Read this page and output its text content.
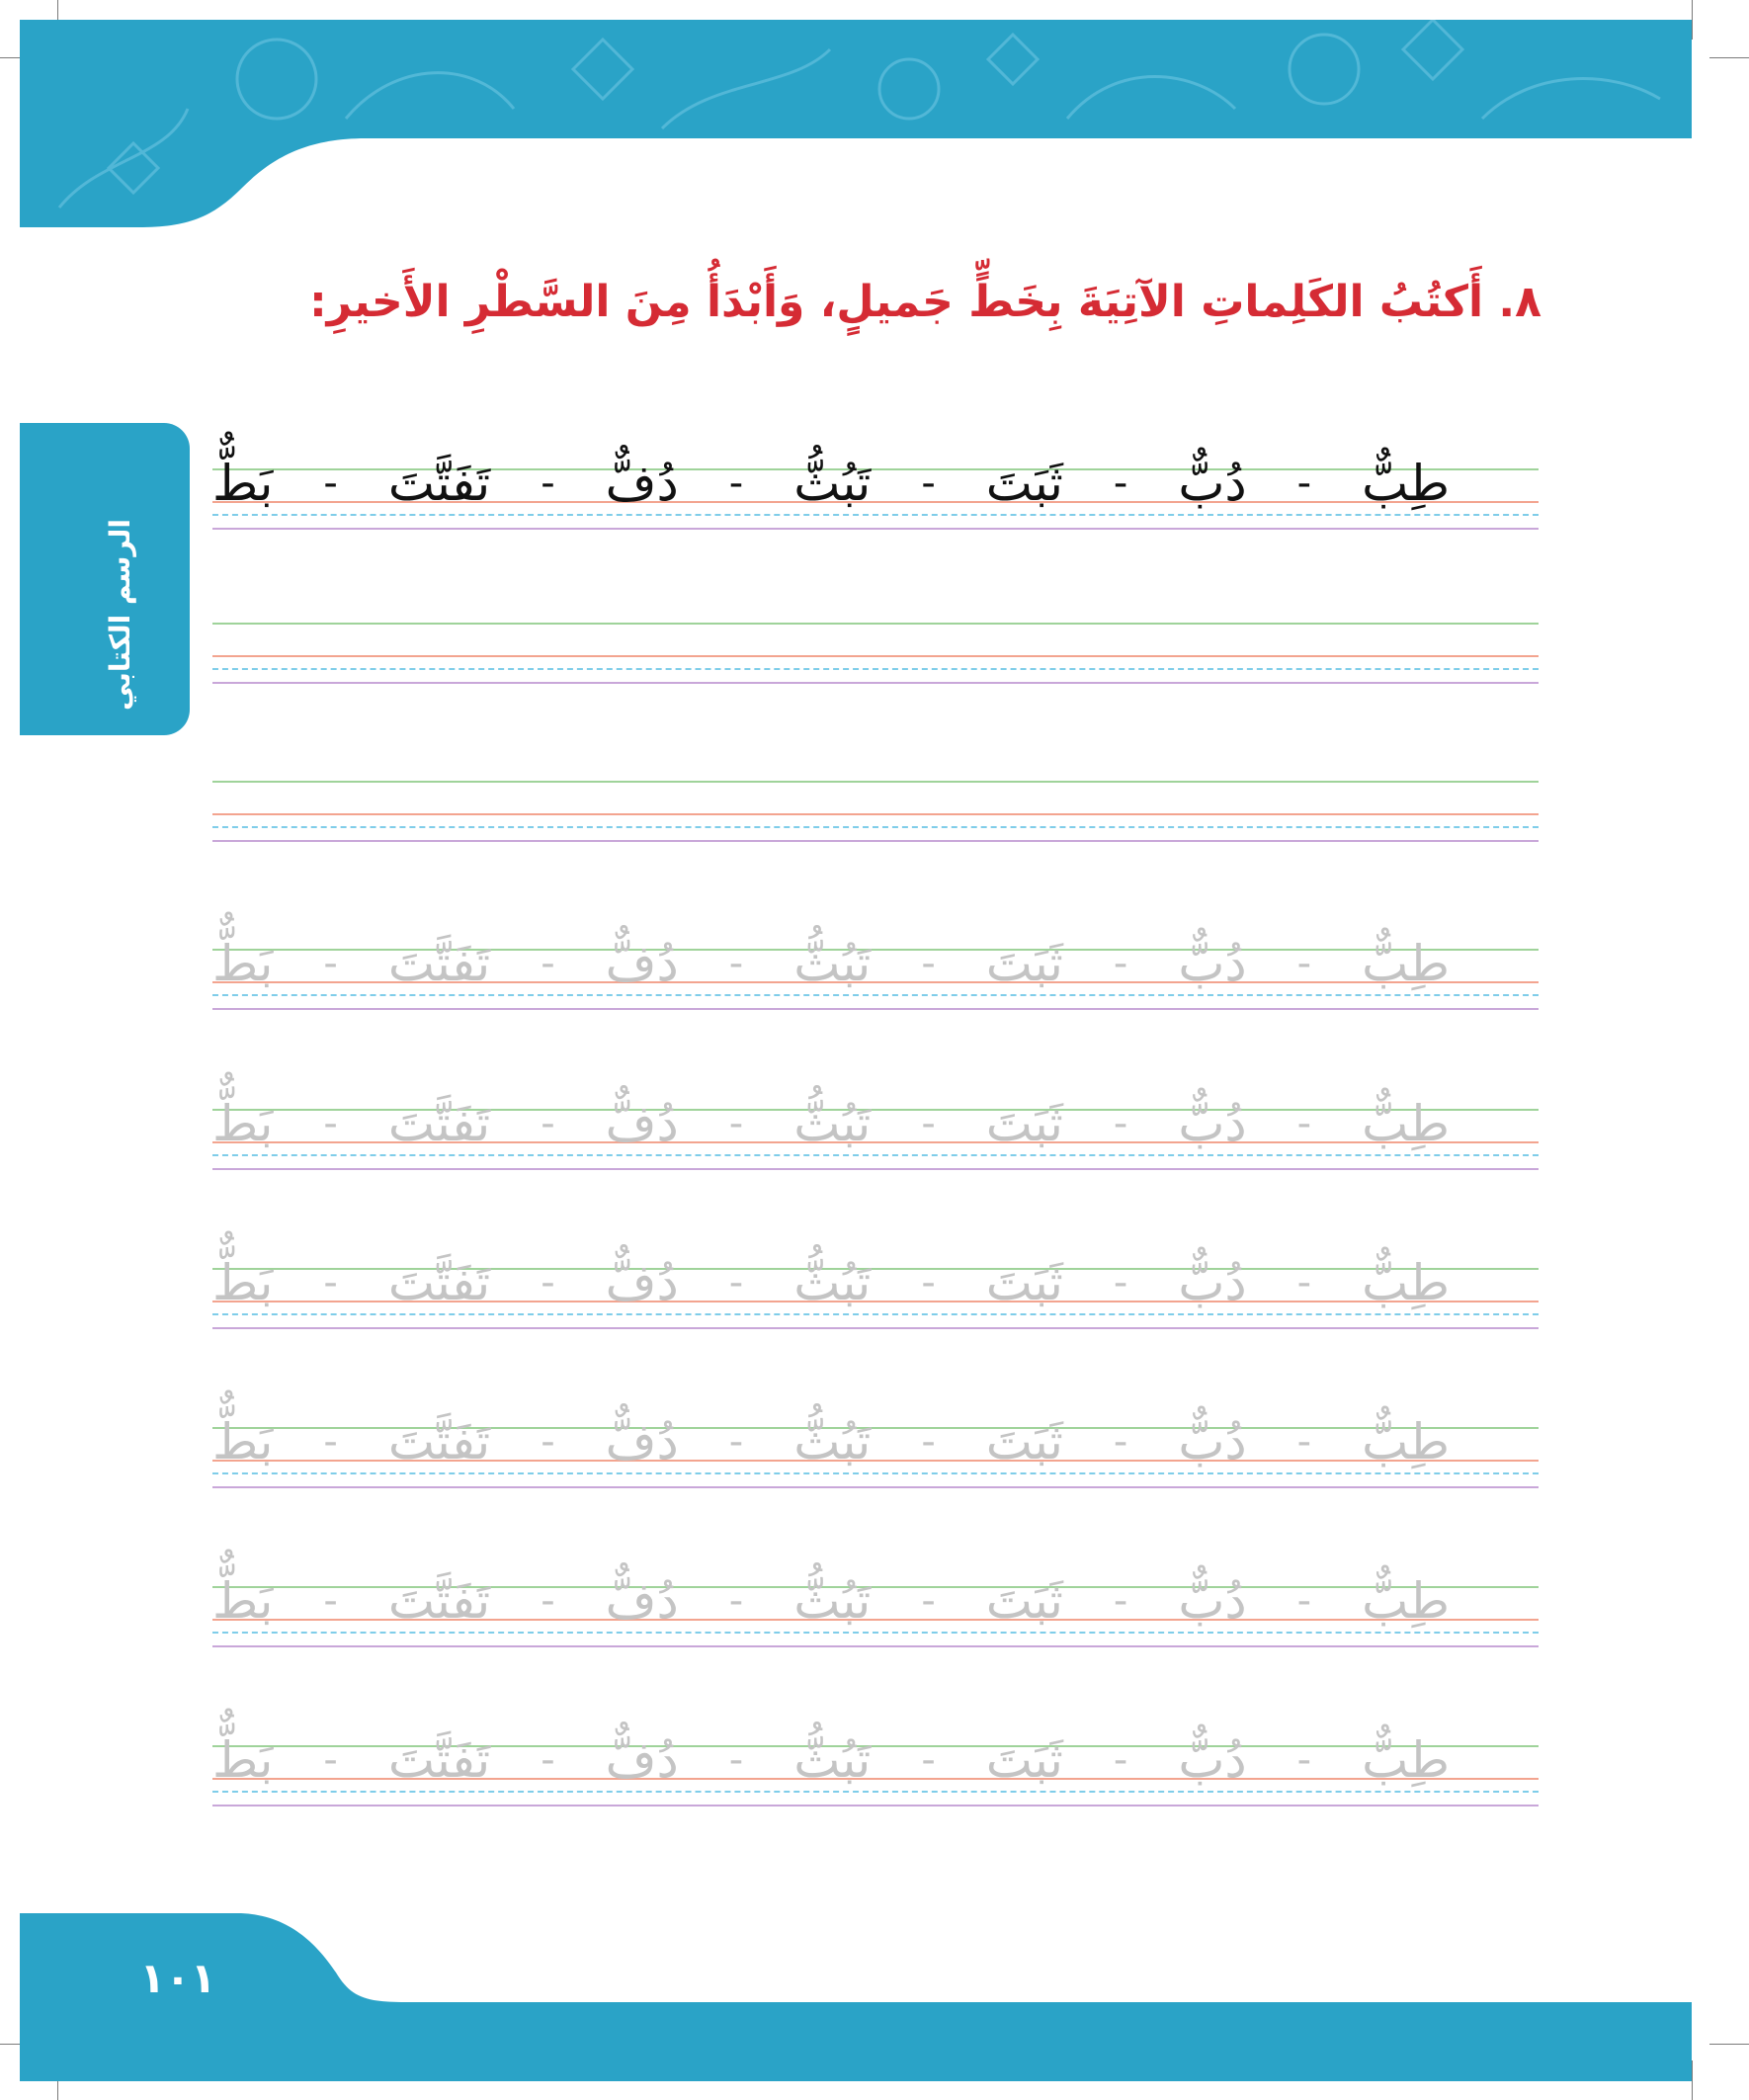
٨. أَكتُبُ الكَلِماتِ الآتِيَةَ بِخَطٍّ جَميلٍ، وَأَبْدَأُ مِنَ السَّطْرِ الأَخيرِ:
الرسم الكتابي
طِبٌّ
-
دُبٌّ
-
ثَبَتَ
-
تَبُثُّ
-
دُفٌّ
-
تَفَتَّتَ
-
بَطٌّ
طِبٌّ
-
دُبٌّ
-
ثَبَتَ
-
تَبُثُّ
-
دُفٌّ
-
تَفَتَّتَ
-
بَطٌّ
طِبٌّ
-
دُبٌّ
-
ثَبَتَ
-
تَبُثُّ
-
دُفٌّ
-
تَفَتَّتَ
-
بَطٌّ
طِبٌّ
-
دُبٌّ
-
ثَبَتَ
-
تَبُثُّ
-
دُفٌّ
-
تَفَتَّتَ
-
بَطٌّ
طِبٌّ
-
دُبٌّ
-
ثَبَتَ
-
تَبُثُّ
-
دُفٌّ
-
تَفَتَّتَ
-
بَطٌّ
طِبٌّ
-
دُبٌّ
-
ثَبَتَ
-
تَبُثُّ
-
دُفٌّ
-
تَفَتَّتَ
-
بَطٌّ
طِبٌّ
-
دُبٌّ
-
ثَبَتَ
-
تَبُثُّ
-
دُفٌّ
-
تَفَتَّتَ
-
بَطٌّ
١٠١
